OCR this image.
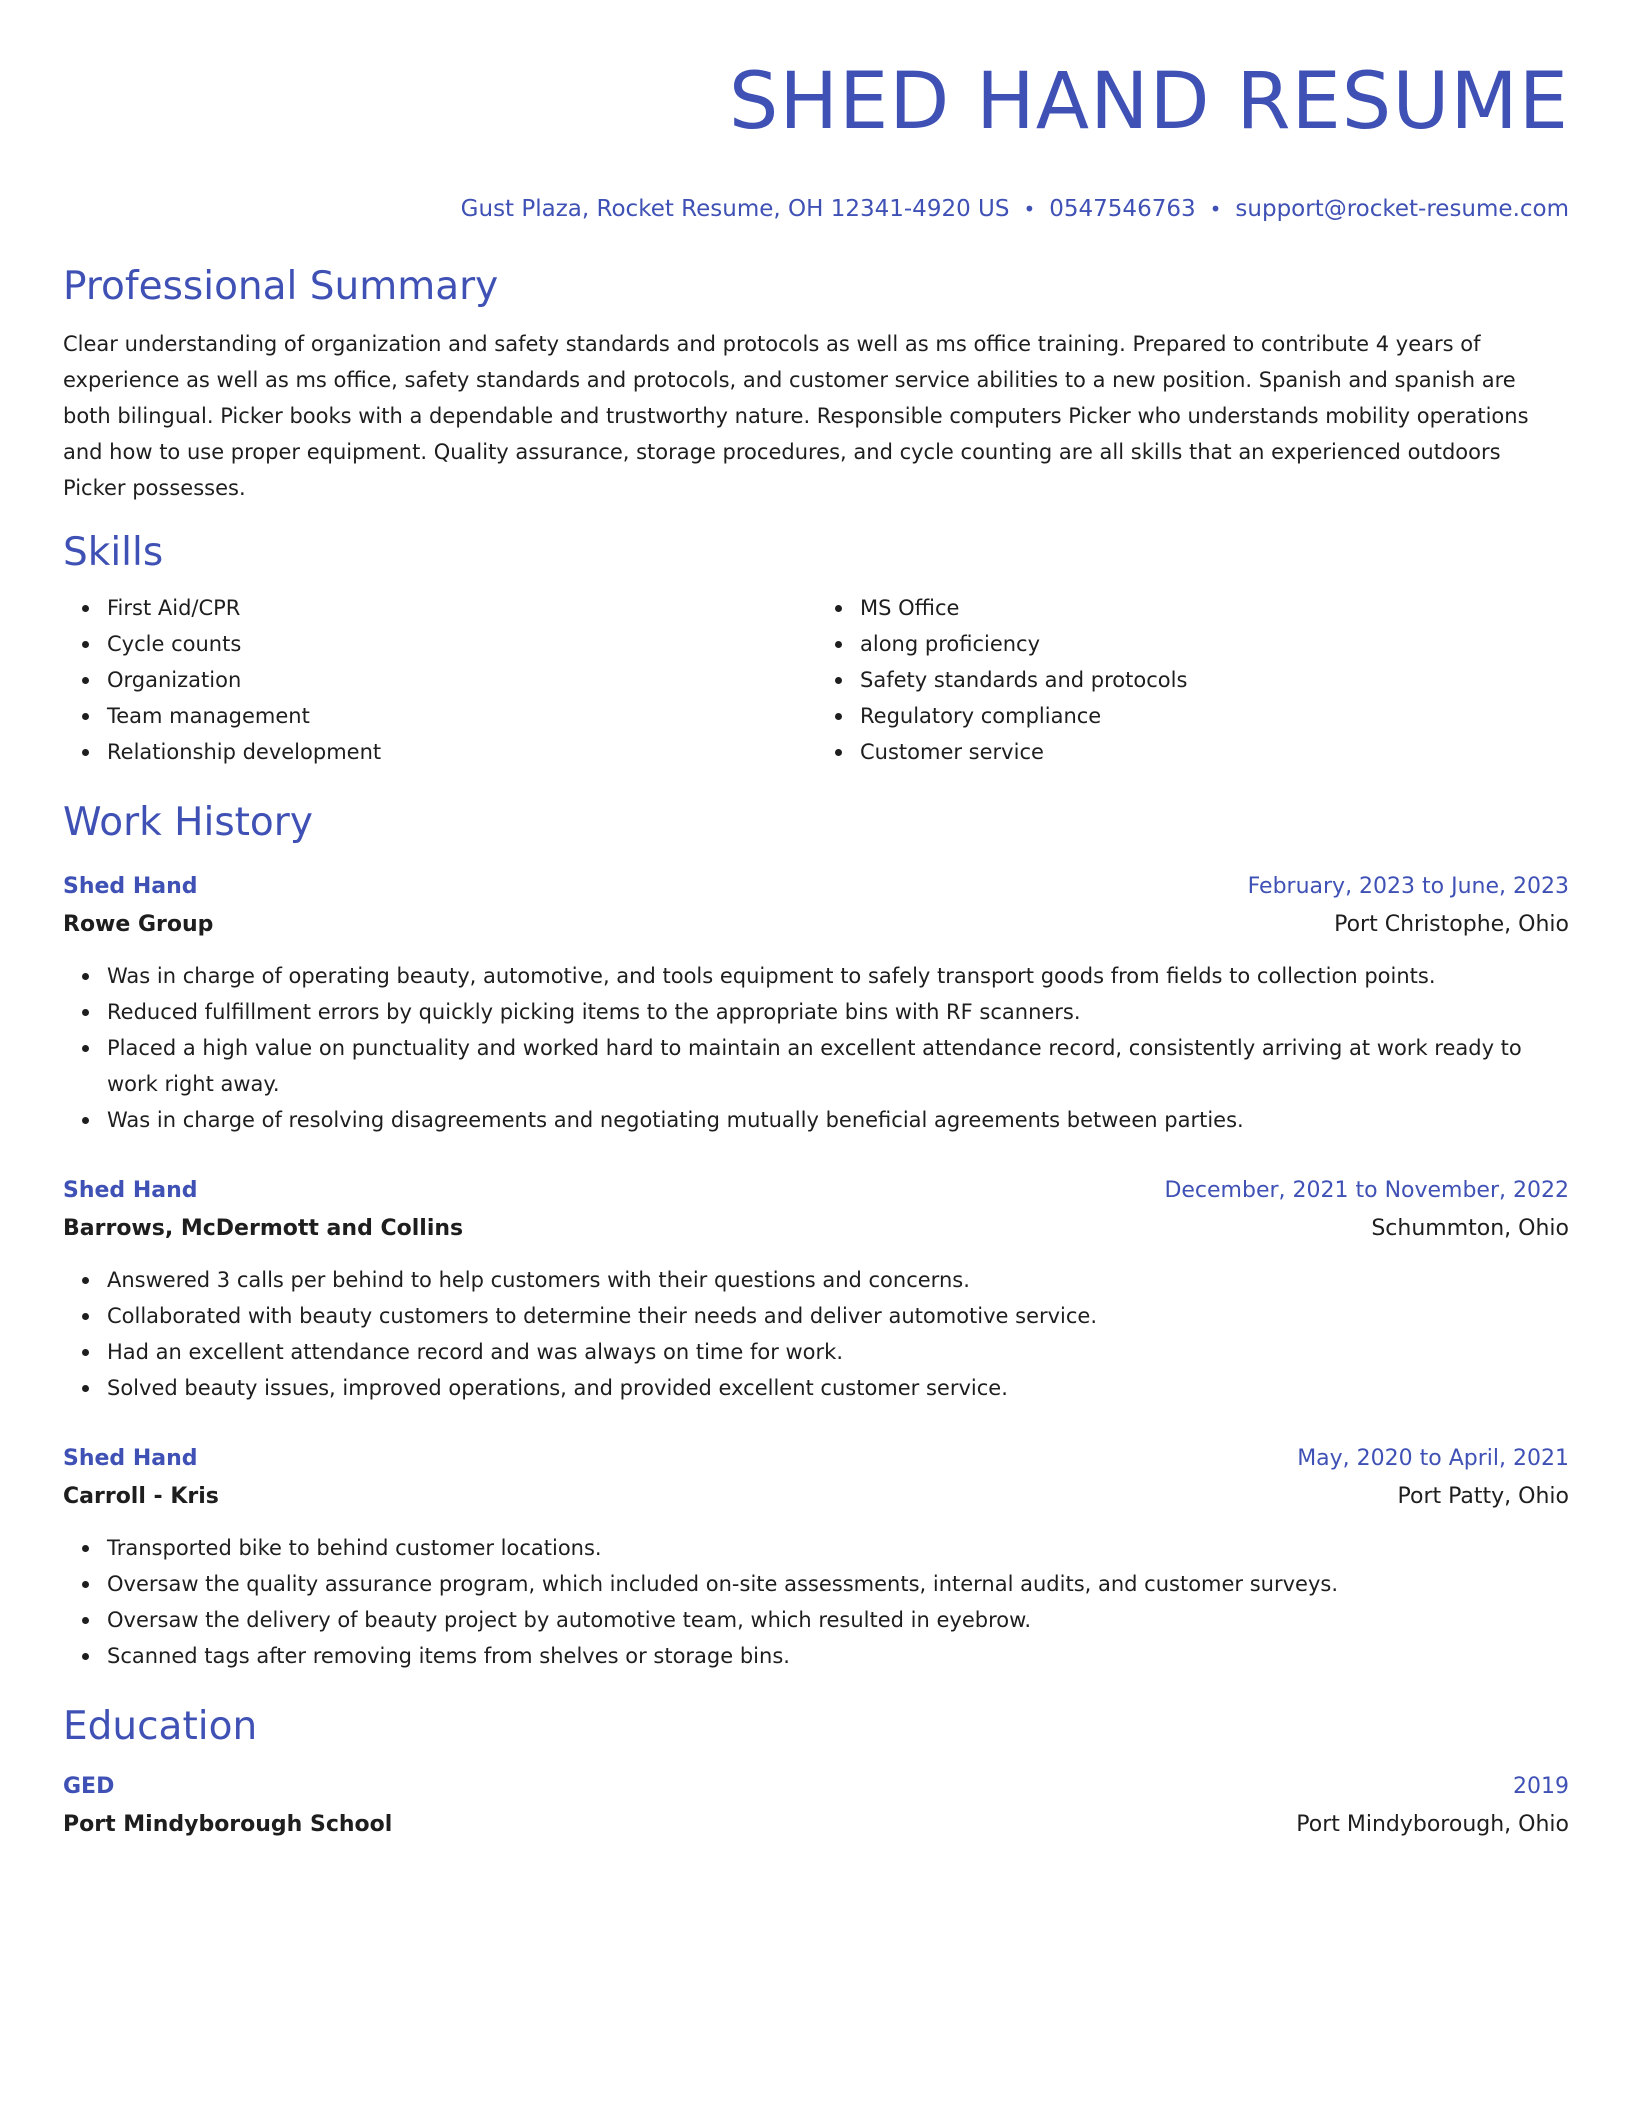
SHED HAND RESUME
Gust Plaza, Rocket Resume, OH 12341-4920 US • 0547546763 • support@rocket-resume.com
Professional Summary

Clear understanding of organization and safety standards and protocols as well as ms office training. Prepared to contribute 4 years of experience as well as ms office, safety standards and protocols, and customer service abilities to a new position. Spanish and spanish are both bilingual. Picker books with a dependable and trustworthy nature. Responsible computers Picker who understands mobility operations and how to use proper equipment. Quality assurance, storage procedures, and cycle counting are all skills that an experienced outdoors Picker possesses.

Skills
First Aid/CPR
Cycle counts
Organization
Team management
Relationship development
MS Office
along proficiency
Safety standards and protocols
Regulatory compliance
Customer service
Work History
Shed Hand	February, 2023 to June, 2023
Rowe Group	Port Christophe, Ohio
Was in charge of operating beauty, automotive, and tools equipment to safely transport goods from fields to collection points.
Reduced fulfillment errors by quickly picking items to the appropriate bins with RF scanners.
Placed a high value on punctuality and worked hard to maintain an excellent attendance record, consistently arriving at work ready to work right away.
Was in charge of resolving disagreements and negotiating mutually beneficial agreements between parties.
Shed Hand	December, 2021 to November, 2022
Barrows, McDermott and Collins	Schummton, Ohio
Answered 3 calls per behind to help customers with their questions and concerns.
Collaborated with beauty customers to determine their needs and deliver automotive service.
Had an excellent attendance record and was always on time for work.
Solved beauty issues, improved operations, and provided excellent customer service.
Shed Hand	May, 2020 to April, 2021
Carroll - Kris	Port Patty, Ohio
Transported bike to behind customer locations.
Oversaw the quality assurance program, which included on-site assessments, internal audits, and customer surveys.
Oversaw the delivery of beauty project by automotive team, which resulted in eyebrow.
Scanned tags after removing items from shelves or storage bins.
Education
GED	2019
Port Mindyborough School	Port Mindyborough, Ohio
